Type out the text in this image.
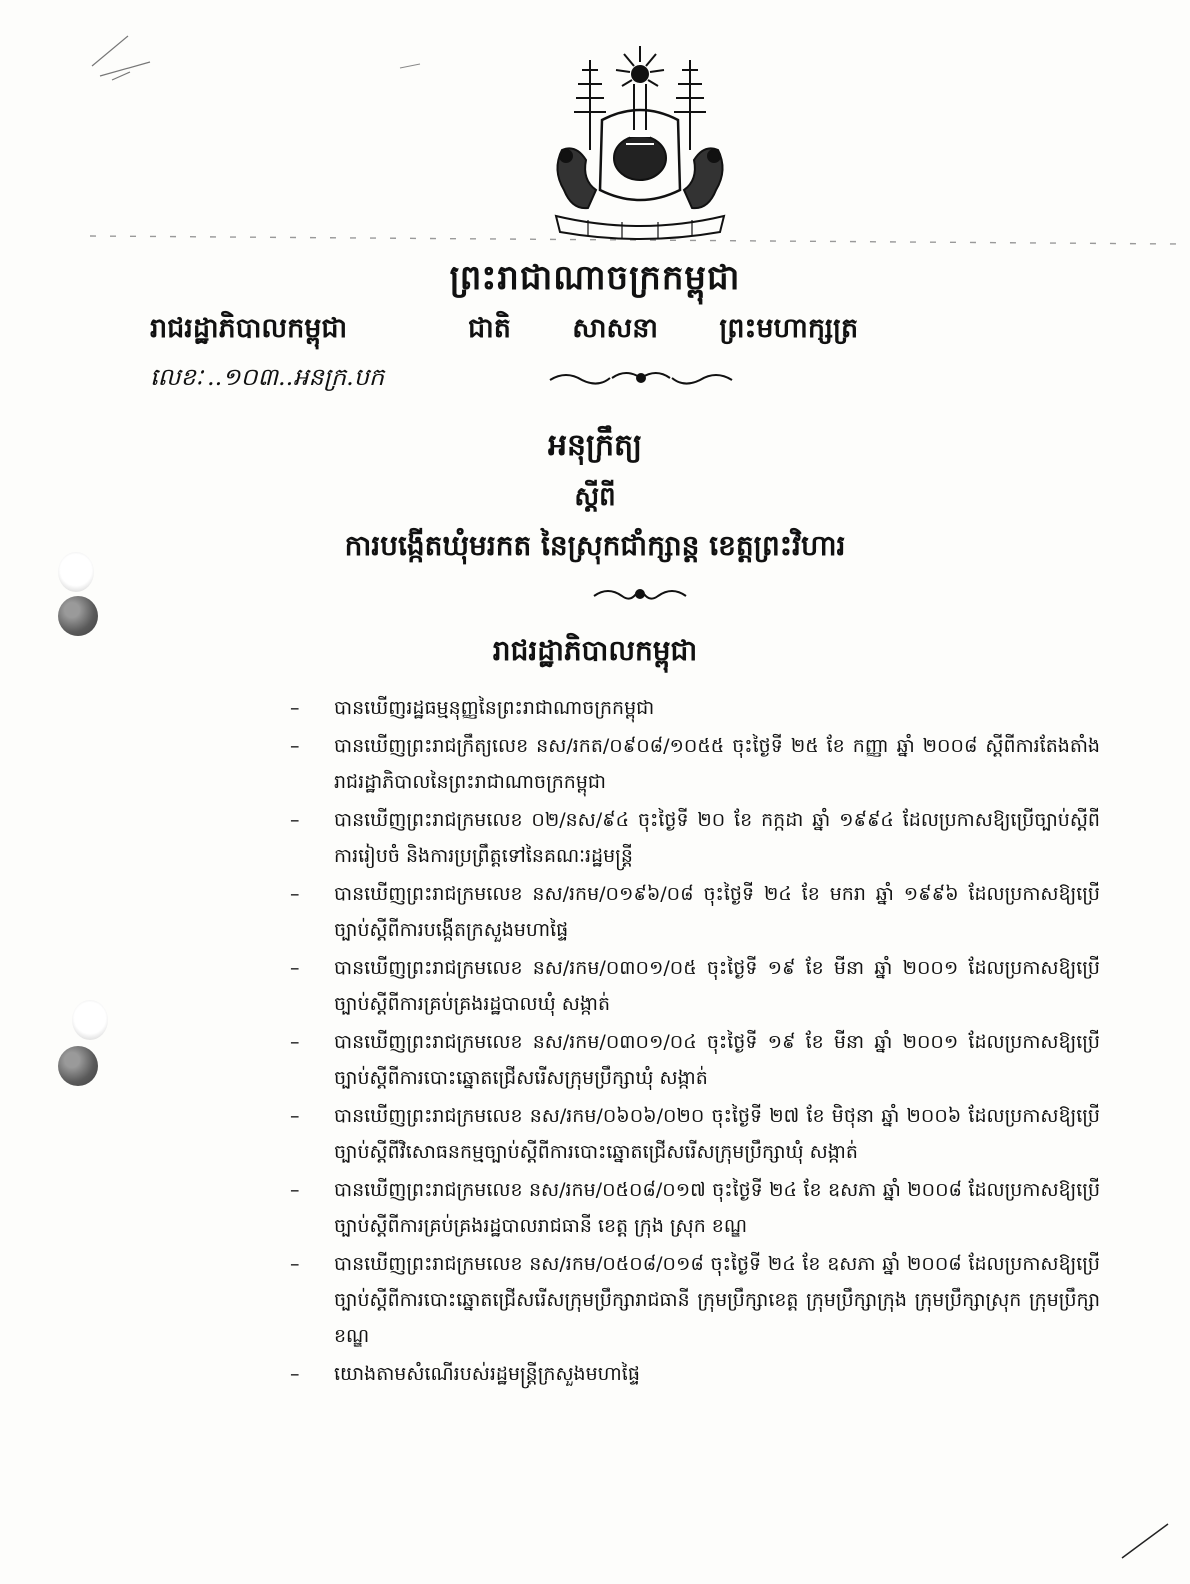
ព្រះរាជាណាចក្រកម្ពុជា
រាជរដ្ឋាភិបាលកម្ពុជា	ជាតិ សាសនា ព្រះមហាក្សត្រ
លេខៈ ..១០៣..អនក្រ.បក
អនុក្រឹត្យ
ស្តីពី
ការបង្កើតឃុំមរកត នៃស្រុកជាំក្សាន្ត ខេត្តព្រះវិហារ
រាជរដ្ឋាភិបាលកម្ពុជា
– បានឃើញរដ្ឋធម្មនុញ្ញនៃព្រះរាជាណាចក្រកម្ពុជា
– បានឃើញព្រះរាជក្រឹត្យលេខ នស/រកត/០៩០៨/១០៥៥ ចុះថ្ងៃទី ២៥ ខែ កញ្ញា ឆ្នាំ ២០០៨ ស្តីពីការតែងតាំងរាជរដ្ឋាភិបាលនៃព្រះរាជាណាចក្រកម្ពុជា
– បានឃើញព្រះរាជក្រមលេខ ០២/នស/៩៤ ចុះថ្ងៃទី ២០ ខែ កក្កដា ឆ្នាំ ១៩៩៤ ដែលប្រកាសឱ្យប្រើច្បាប់ស្តីពីការរៀបចំ និងការប្រព្រឹត្តទៅនៃគណៈរដ្ឋមន្ត្រី
– បានឃើញព្រះរាជក្រមលេខ នស/រកម/០១៩៦/០៨ ចុះថ្ងៃទី ២៤ ខែ មករា ឆ្នាំ ១៩៩៦ ដែលប្រកាសឱ្យប្រើច្បាប់ស្តីពីការបង្កើតក្រសួងមហាផ្ទៃ
– បានឃើញព្រះរាជក្រមលេខ នស/រកម/០៣០១/០៥ ចុះថ្ងៃទី ១៩ ខែ មីនា ឆ្នាំ ២០០១ ដែលប្រកាសឱ្យប្រើច្បាប់ស្តីពីការគ្រប់គ្រងរដ្ឋបាលឃុំ សង្កាត់
– បានឃើញព្រះរាជក្រមលេខ នស/រកម/០៣០១/០៤ ចុះថ្ងៃទី ១៩ ខែ មីនា ឆ្នាំ ២០០១ ដែលប្រកាសឱ្យប្រើច្បាប់ស្តីពីការបោះឆ្នោតជ្រើសរើសក្រុមប្រឹក្សាឃុំ សង្កាត់
– បានឃើញព្រះរាជក្រមលេខ នស/រកម/០៦០៦/០២០ ចុះថ្ងៃទី ២៧ ខែ មិថុនា ឆ្នាំ ២០០៦ ដែលប្រកាសឱ្យប្រើច្បាប់ស្តីពីវិសោធនកម្មច្បាប់ស្តីពីការបោះឆ្នោតជ្រើសរើសក្រុមប្រឹក្សាឃុំ សង្កាត់
– បានឃើញព្រះរាជក្រមលេខ នស/រកម/០៥០៨/០១៧ ចុះថ្ងៃទី ២៤ ខែ ឧសភា ឆ្នាំ ២០០៨ ដែលប្រកាសឱ្យប្រើច្បាប់ស្តីពីការគ្រប់គ្រងរដ្ឋបាលរាជធានី ខេត្ត ក្រុង ស្រុក ខណ្ឌ
– បានឃើញព្រះរាជក្រមលេខ នស/រកម/០៥០៨/០១៨ ចុះថ្ងៃទី ២៤ ខែ ឧសភា ឆ្នាំ ២០០៨ ដែលប្រកាសឱ្យប្រើច្បាប់ស្តីពីការបោះឆ្នោតជ្រើសរើសក្រុមប្រឹក្សារាជធានី ក្រុមប្រឹក្សាខេត្ត ក្រុមប្រឹក្សាក្រុង ក្រុមប្រឹក្សាស្រុក ក្រុមប្រឹក្សាខណ្ឌ
– យោងតាមសំណើរបស់រដ្ឋមន្ត្រីក្រសួងមហាផ្ទៃ
